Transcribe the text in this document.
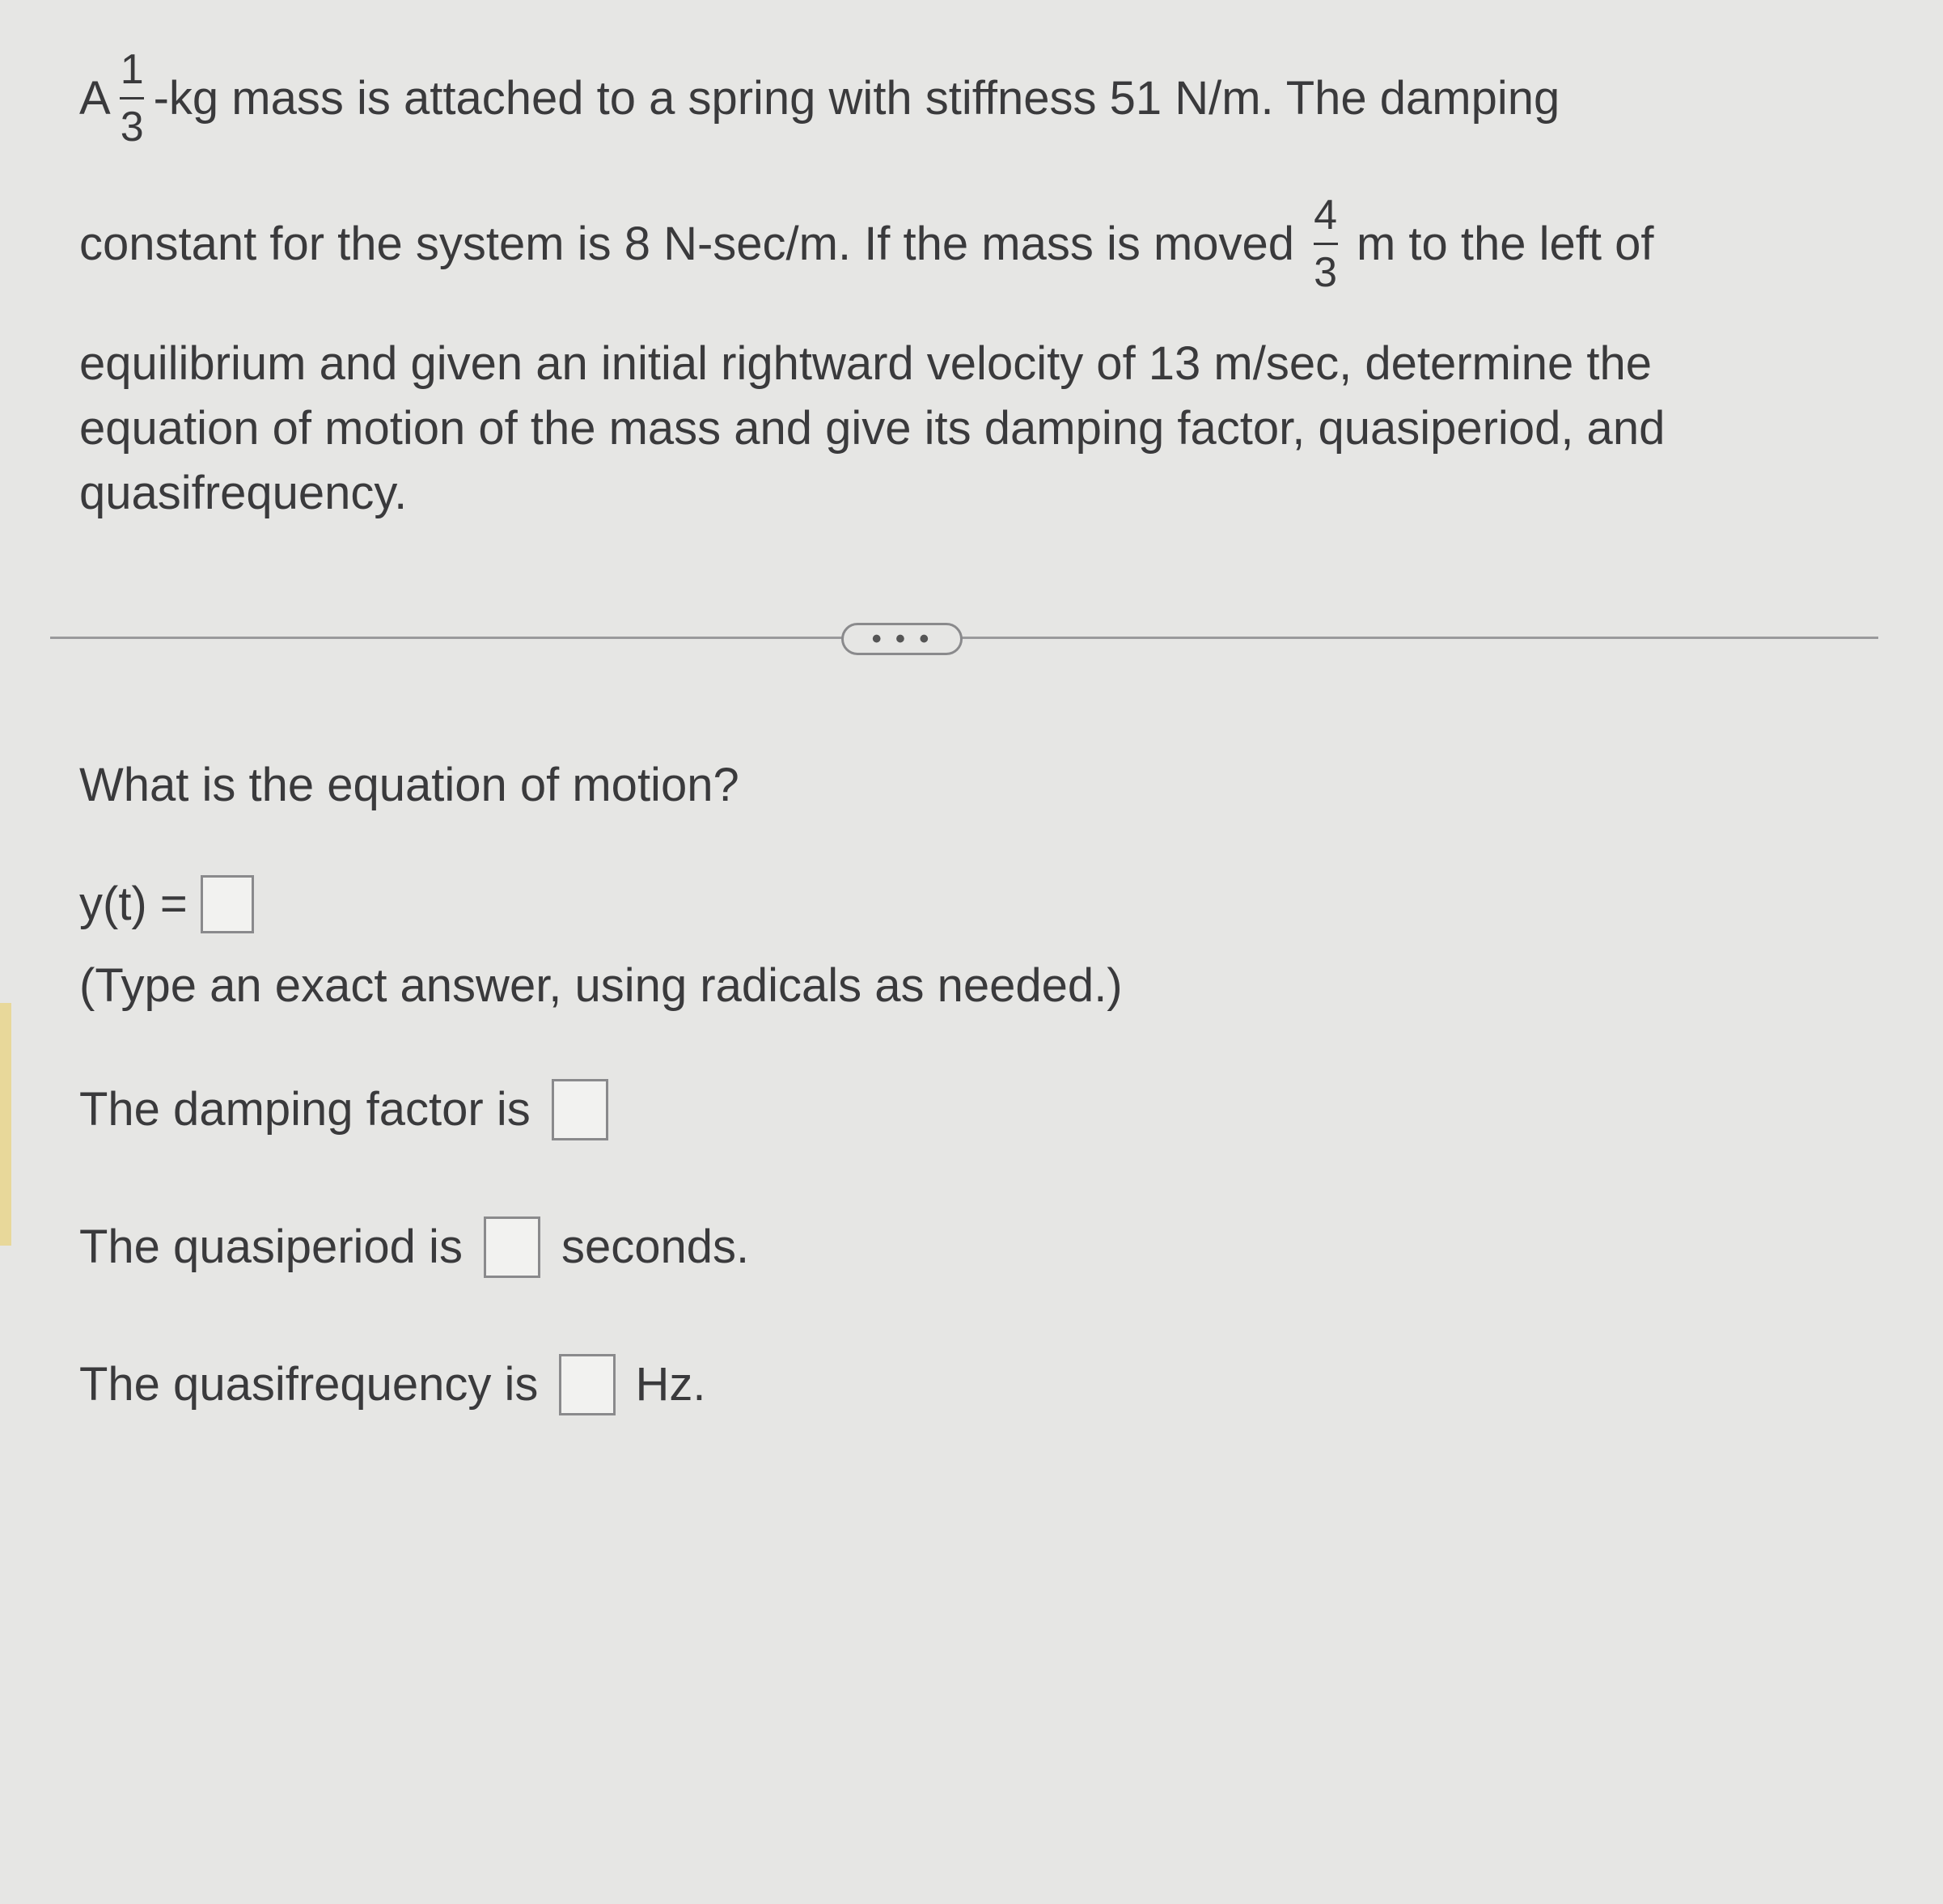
A $\frac{1}{3} -kg$ mass is attached to a spring with stiffness 51 N/m. The damping
constant for the system is 8 N-sec/m. If the mass is moved $\frac{4}{3}$ m to the left of

equilibrium and given an initial rightward velocity of 13 m/sec, determine the equation of motion of the mass and give its damping factor, quasiperiod, and quasifrequency.

• • •
What is the equation of motion?
y(t) =
(Type an exact answer, using radicals as needed.)
The damping factor is
The quasiperiod is seconds.
The quasifrequency is Hz.
